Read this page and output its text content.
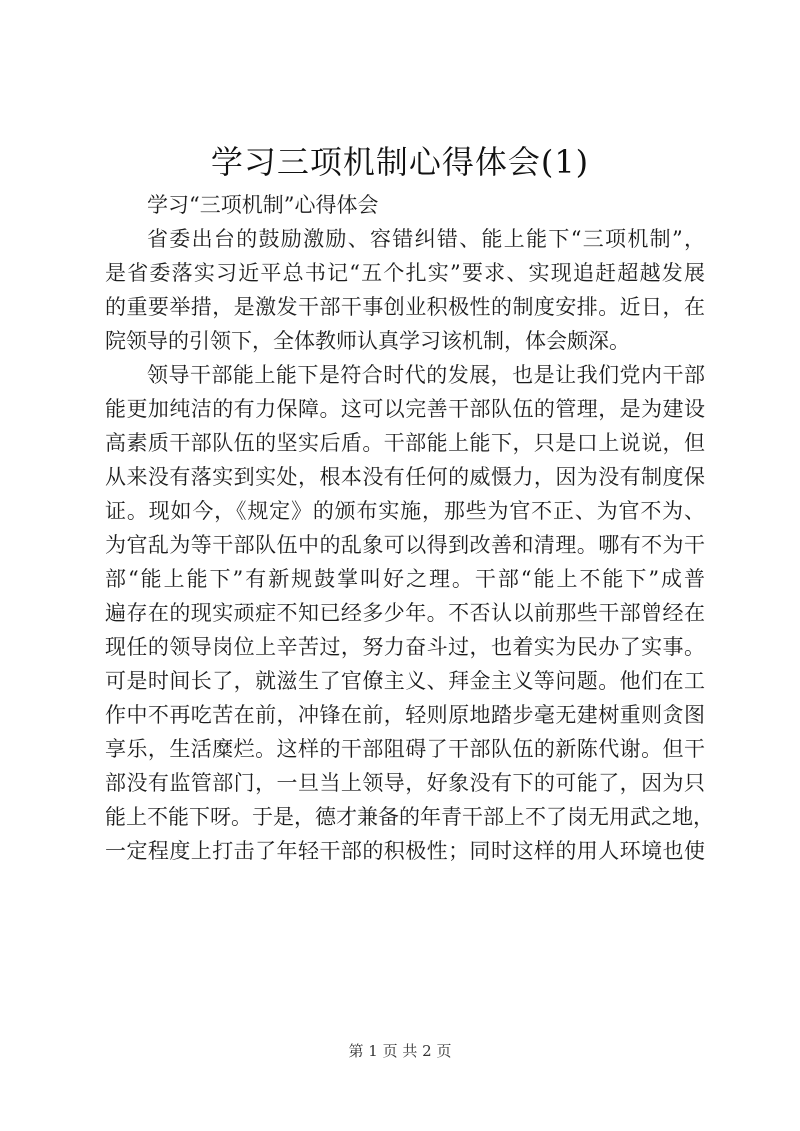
学习三项机制心得体会(1)
学习“三项机制”心得体会
省委出台的鼓励激励、容错纠错、能上能下“三项机制”，
是省委落实习近平总书记“五个扎实”要求、实现追赶超越发展
的重要举措，是激发干部干事创业积极性的制度安排。近日，在
院领导的引领下，全体教师认真学习该机制，体会颇深。
领导干部能上能下是符合时代的发展，也是让我们党内干部
能更加纯洁的有力保障。这可以完善干部队伍的管理，是为建设
高素质干部队伍的坚实后盾。干部能上能下，只是口上说说，但
从来没有落实到实处，根本没有任何的威慑力，因为没有制度保
证。现如今，《规定》的颁布实施，那些为官不正、为官不为、
为官乱为等干部队伍中的乱象可以得到改善和清理。哪有不为干
部“能上能下”有新规鼓掌叫好之理。干部“能上不能下”成普
遍存在的现实顽症不知已经多少年。不否认以前那些干部曾经在
现任的领导岗位上辛苦过，努力奋斗过，也着实为民办了实事。
可是时间长了，就滋生了官僚主义、拜金主义等问题。他们在工
作中不再吃苦在前，冲锋在前，轻则原地踏步毫无建树重则贪图
享乐，生活糜烂。这样的干部阻碍了干部队伍的新陈代谢。但干
部没有监管部门，一旦当上领导，好象没有下的可能了，因为只
能上不能下呀。于是，德才兼备的年青干部上不了岗无用武之地，
一定程度上打击了年轻干部的积极性；同时这样的用人环境也使
第 1 页 共 2 页
